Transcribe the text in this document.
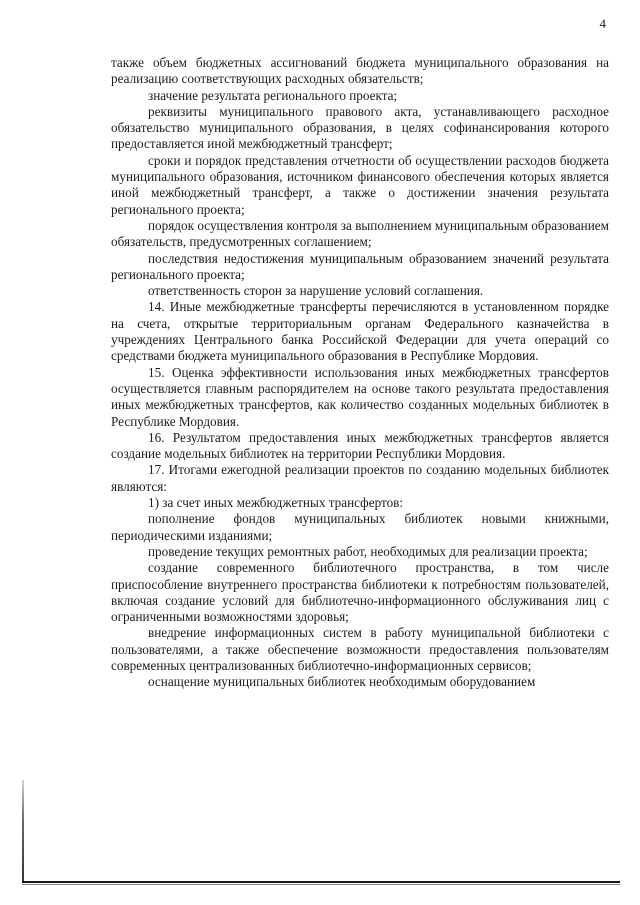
4

также объем бюджетных ассигнований бюджета муниципального образования на реализацию соответствующих расходных обязательств;

значение результата регионального проекта;

реквизиты муниципального правового акта, устанавливающего расходное обязательство муниципального образования, в целях софинансирования которого предоставляется иной межбюджетный трансферт;

сроки и порядок представления отчетности об осуществлении расходов бюджета муниципального образования, источником финансового обеспечения которых является иной межбюджетный трансферт, а также о достижении значения результата регионального проекта;

порядок осуществления контроля за выполнением муниципальным образованием обязательств, предусмотренных соглашением;

последствия недостижения муниципальным образованием значений результата регионального проекта;

ответственность сторон за нарушение условий соглашения.

14. Иные межбюджетные трансферты перечисляются в установленном порядке на счета, открытые территориальным органам Федерального казначейства в учреждениях Центрального банка Российской Федерации для учета операций со средствами бюджета муниципального образования в Республике Мордовия.

15. Оценка эффективности использования иных межбюджетных трансфертов осуществляется главным распорядителем на основе такого результата предоставления иных межбюджетных трансфертов, как количество созданных модельных библиотек в Республике Мордовия.

16. Результатом предоставления иных межбюджетных трансфертов является создание модельных библиотек на территории Республики Мордовия.

17. Итогами ежегодной реализации проектов по созданию модельных библиотек являются:

1) за счет иных межбюджетных трансфертов:

пополнение фондов муниципальных библиотек новыми книжными, периодическими изданиями;

проведение текущих ремонтных работ, необходимых для реализации проекта;

создание современного библиотечного пространства, в том числе приспособление внутреннего пространства библиотеки к потребностям пользователей, включая создание условий для библиотечно-информационного обслуживания лиц с ограниченными возможностями здоровья;

внедрение информационных систем в работу муниципальной библиотеки с пользователями, а также обеспечение возможности предоставления пользователям современных централизованных библиотечно-информационных сервисов;

оснащение муниципальных библиотек необходимым оборудованием
